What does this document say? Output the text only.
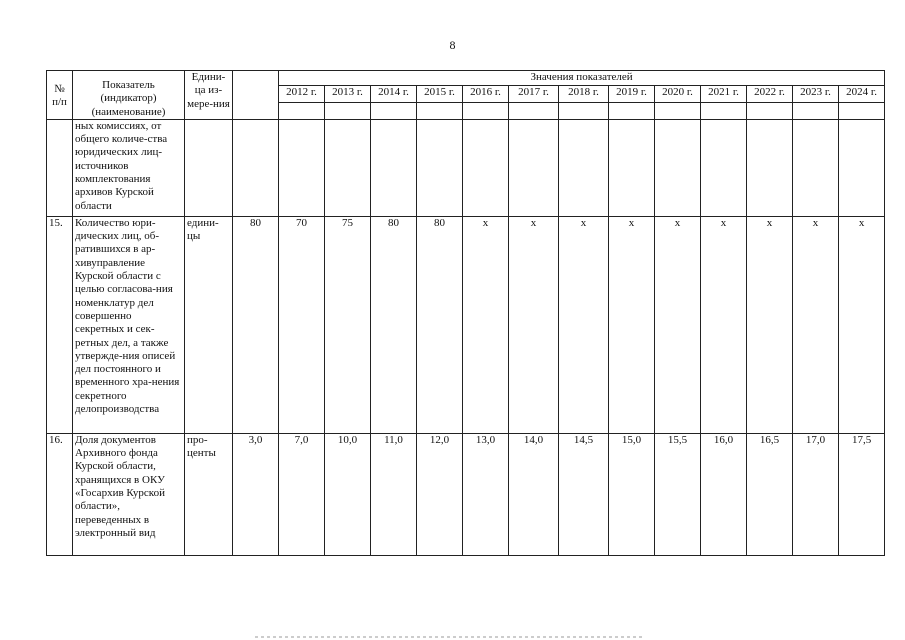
8
№ п/п	Показатель (индикатор) (наименование)	Едини-ца из-мере-ния		Значения показателей												
				2012 г.	2013 г.	2014 г.	2015 г.	2016 г.	2017 г.	2018 г.	2019 г.	2020 г.	2021 г.	2022 г.	2023 г.	2024 г.

	ных комиссиях, от общего количе-ства юридических лиц-источников комплектования архивов Курской области															
15.	Количество юри-дических лиц, об-ратившихся в ар-хивуправление Курской области с целью согласова-ния номенклатур дел совершенно секретных и сек-ретных дел, а также утвержде-ния описей дел постоянного и временного хра-нения секретного делопроизводства	едини-цы	80	70	75	80	80	х	х	х	х	х	х	х	х	х
16.	Доля документов Архивного фонда Курской области, хранящихся в ОКУ «Госархив Курской области», переведенных в электронный вид	про-центы	3,0	7,0	10,0	11,0	12,0	13,0	14,0	14,5	15,0	15,5	16,0	16,5	17,0	17,5
